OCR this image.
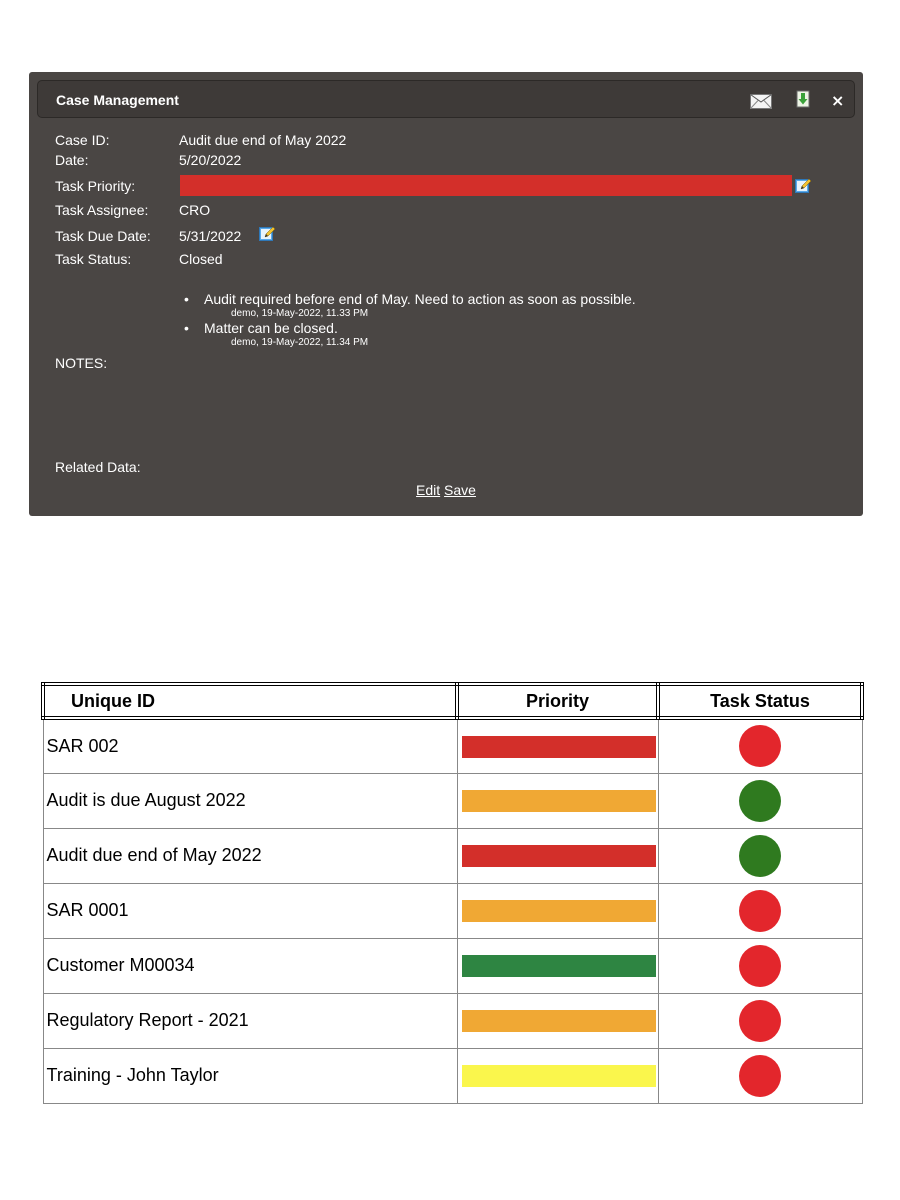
Case Management	×
Case ID:	Audit due end of May 2022
Date:	5/20/2022
Task Priority:
Task Assignee: CRO
Task Due Date: 5/31/2022
Task Status:	Closed
• Audit required before end of May. Need to action as soon as possible.
demo, 19-May-2022, 11.33 PM
• Matter can be closed.
demo, 19-May-2022, 11.34 PM
NOTES:
Related Data:
Edit Save
Unique ID	Priority	Task Status
SAR 002	

Audit is due August 2022	

Audit due end of May 2022	

SAR 0001	

Customer M00034	

Regulatory Report - 2021	

Training - John Taylor	
